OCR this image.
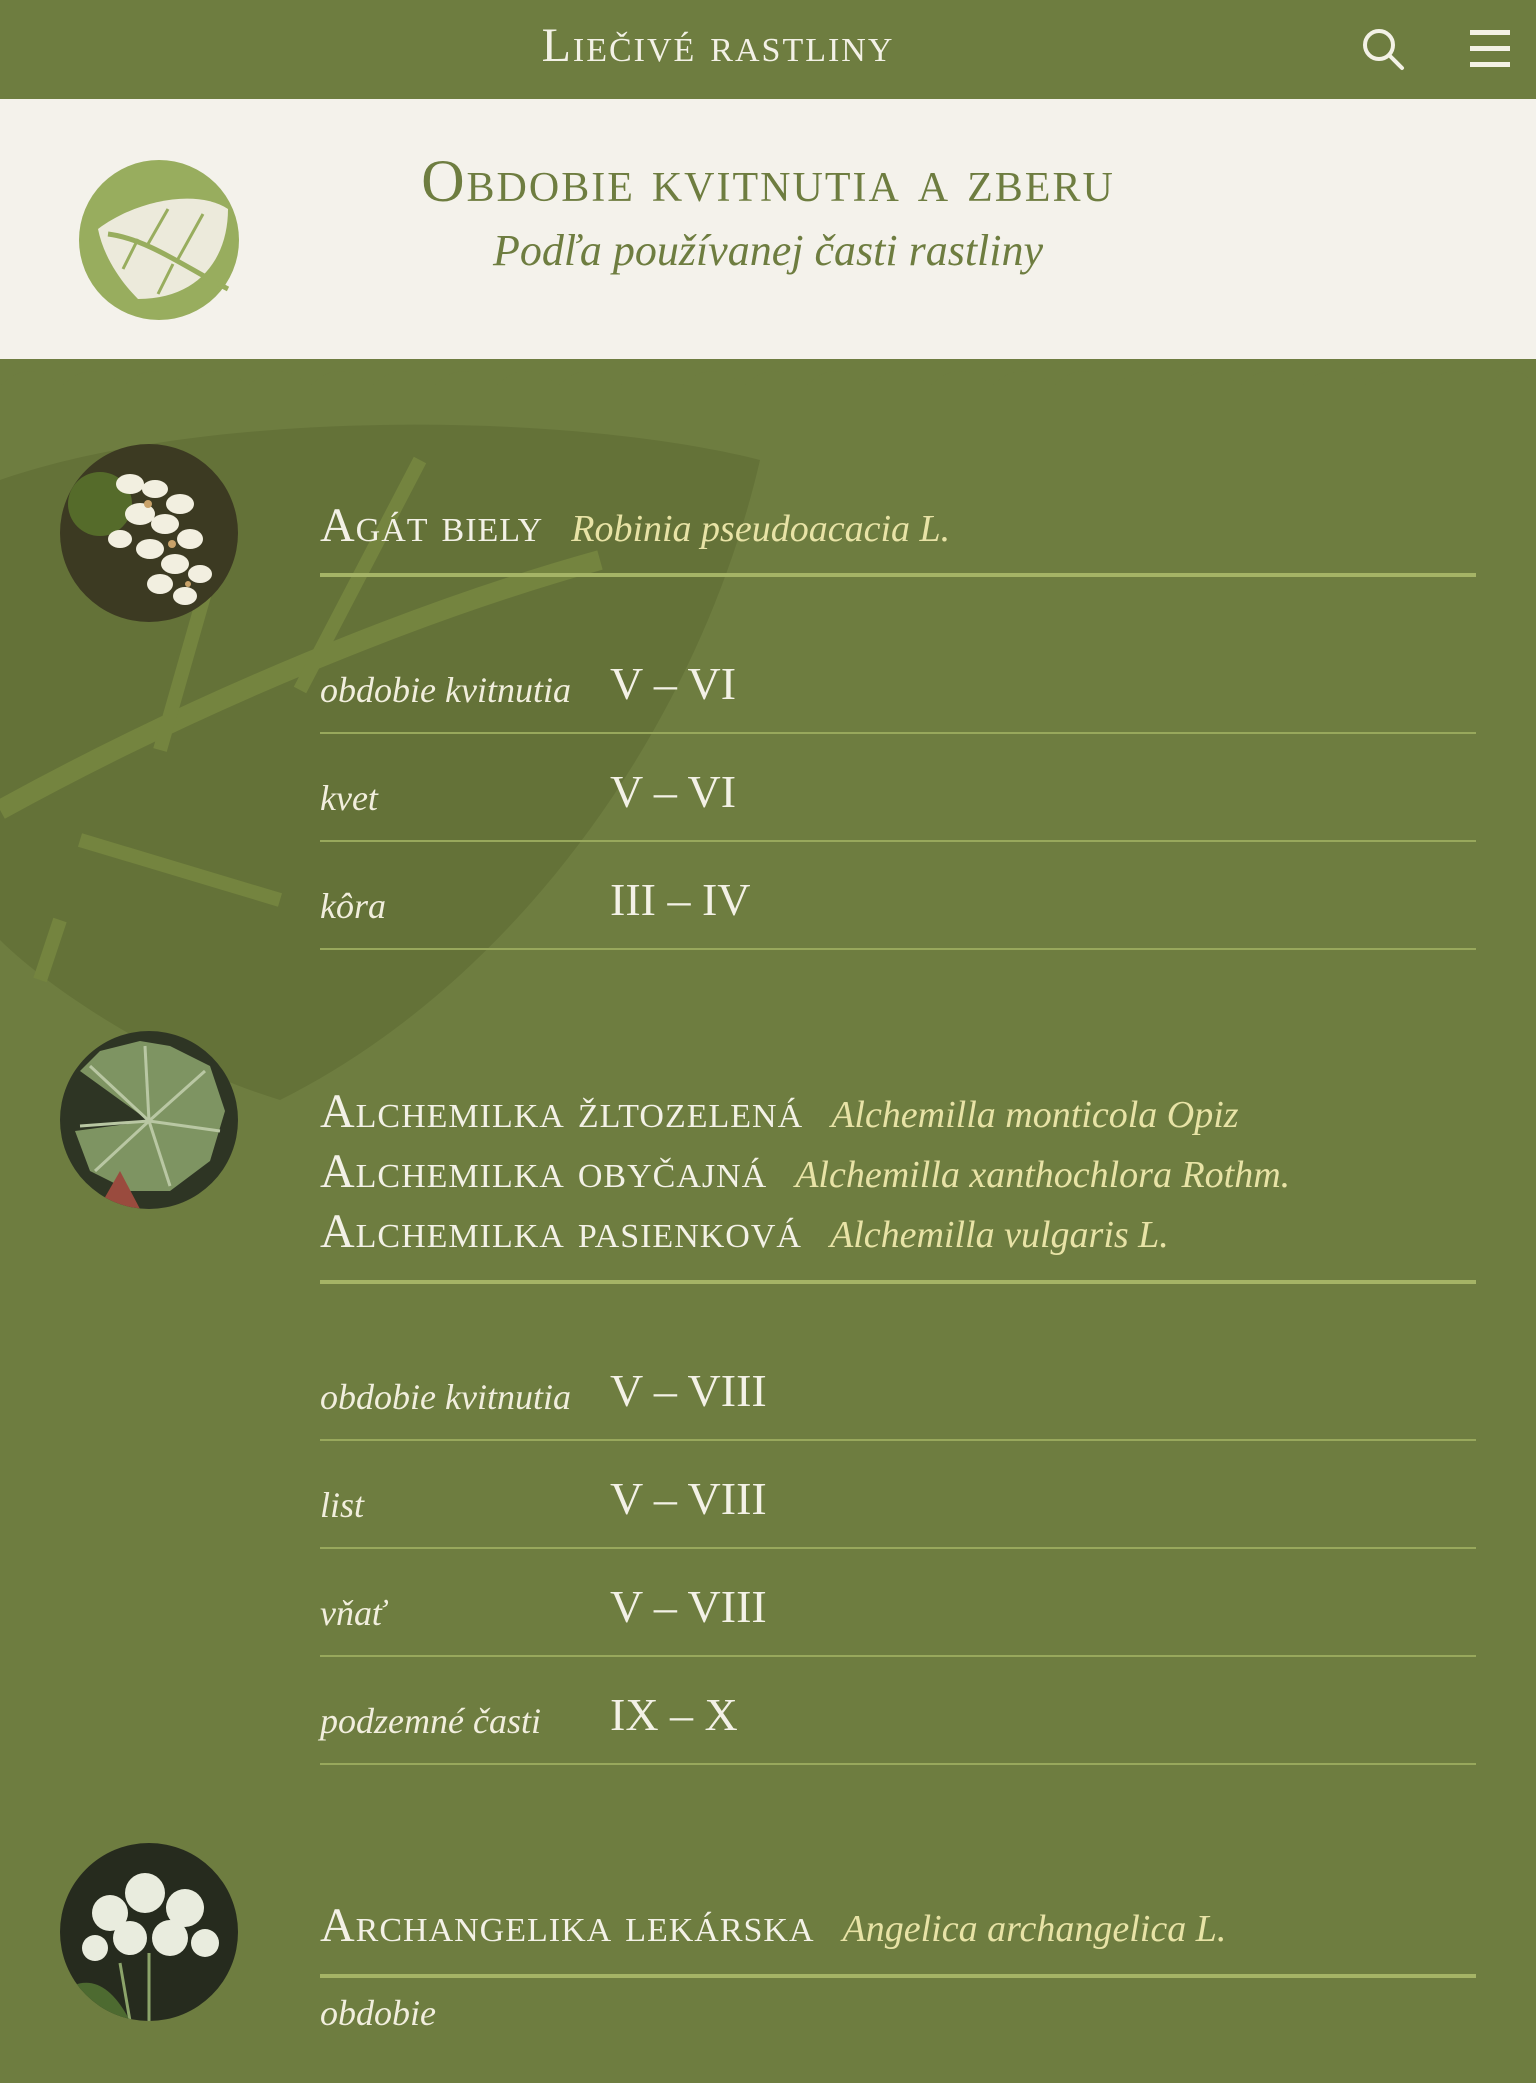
Liečivé rastliny
Obdobie kvitnutia a zberu
Podľa používanej časti rastliny
Agát biely Robinia pseudoacacia L.
obdobie kvitnutia V – VI
kvet	V – VI
kôra	III – IV
Alchemilka žltozelená Alchemilla monticola Opiz
Alchemilka obyčajná Alchemilla xanthochlora Rothm.
Alchemilka pasienková Alchemilla vulgaris L.
obdobie kvitnutia V – VIII
list	V – VIII
vňať	V – VIII
podzemné časti	IX – X
Archangelika lekárska Angelica archangelica L.
obdobie
